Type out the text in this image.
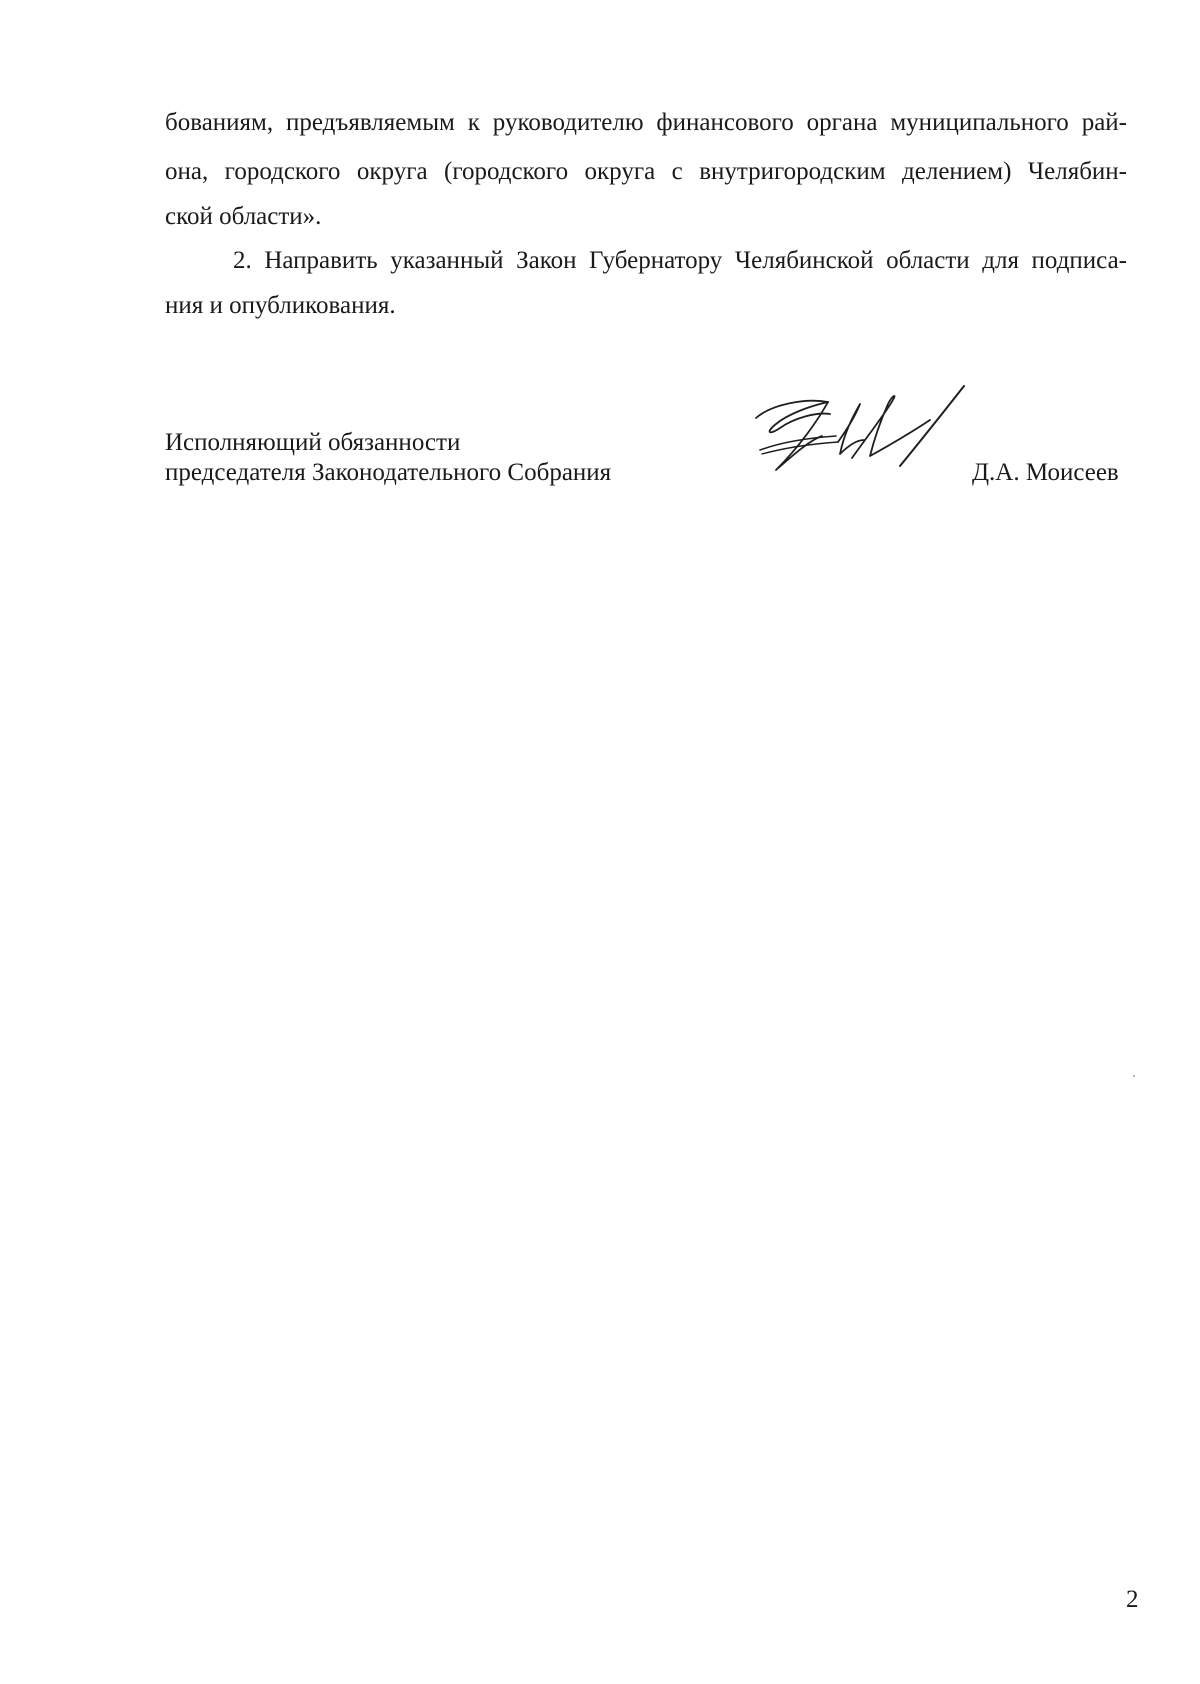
бованиям, предъявляемым к руководителю финансового органа муниципального рай-
она, городского округа (городского округа с внутригородским делением) Челябин-
ской области».
2. Направить указанный Закон Губернатору Челябинской области для подписа-
ния и опубликования.
Исполняющий обязанности
председателя Законодательного Собрания	Д.А. Моисеев
2
